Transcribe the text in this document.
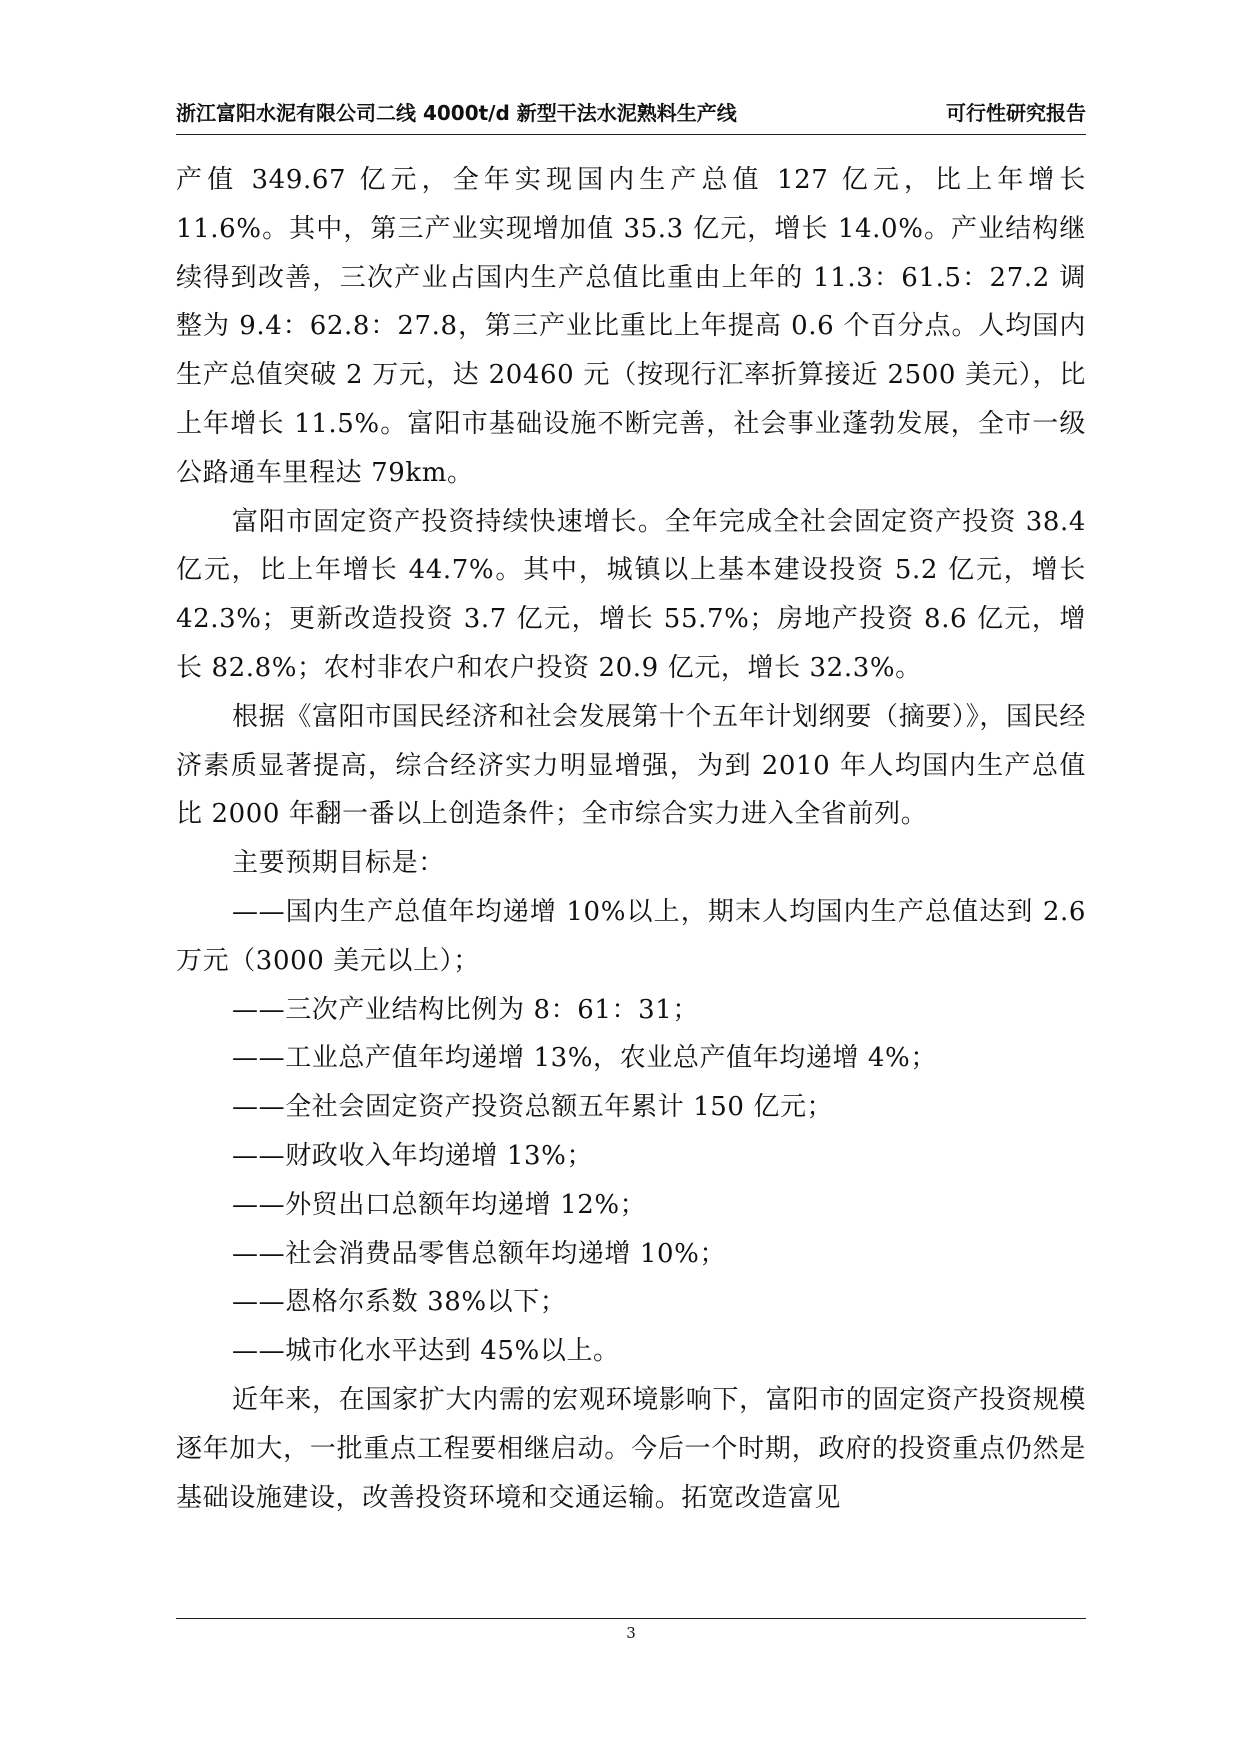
浙江富阳水泥有限公司二线 4000t/d 新型干法水泥熟料生产线	可行性研究报告

产值 349.67 亿元，全年实现国内生产总值 127 亿元，比上年增长 11.6%。其中，第三产业实现增加值 35.3 亿元，增长 14.0%。产业结构继续得到改善，三次产业占国内生产总值比重由上年的 11.3：61.5：27.2 调整为 9.4：62.8：27.8，第三产业比重比上年提高 0.6 个百分点。人均国内生产总值突破 2 万元，达 20460 元（按现行汇率折算接近 2500 美元），比上年增长 11.5%。富阳市基础设施不断完善，社会事业蓬勃发展，全市一级公路通车里程达 79km。

富阳市固定资产投资持续快速增长。全年完成全社会固定资产投资 38.4 亿元，比上年增长 44.7%。其中，城镇以上基本建设投资 5.2 亿元，增长 42.3%；更新改造投资 3.7 亿元，增长 55.7%；房地产投资 8.6 亿元，增长 82.8%；农村非农户和农户投资 20.9 亿元，增长 32.3%。

根据《富阳市国民经济和社会发展第十个五年计划纲要（摘要）》，国民经济素质显著提高，综合经济实力明显增强，为到 2010 年人均国内生产总值比 2000 年翻一番以上创造条件；全市综合实力进入全省前列。

主要预期目标是：

——国内生产总值年均递增 10%以上，期末人均国内生产总值达到 2.6 万元（3000 美元以上）；

——三次产业结构比例为 8：61：31；

——工业总产值年均递增 13%，农业总产值年均递增 4%；

——全社会固定资产投资总额五年累计 150 亿元；

——财政收入年均递增 13%；

——外贸出口总额年均递增 12%；

——社会消费品零售总额年均递增 10%；

——恩格尔系数 38%以下；

——城市化水平达到 45%以上。

近年来，在国家扩大内需的宏观环境影响下，富阳市的固定资产投资规模逐年加大，一批重点工程要相继启动。今后一个时期，政府的投资重点仍然是基础设施建设，改善投资环境和交通运输。拓宽改造富见

3
